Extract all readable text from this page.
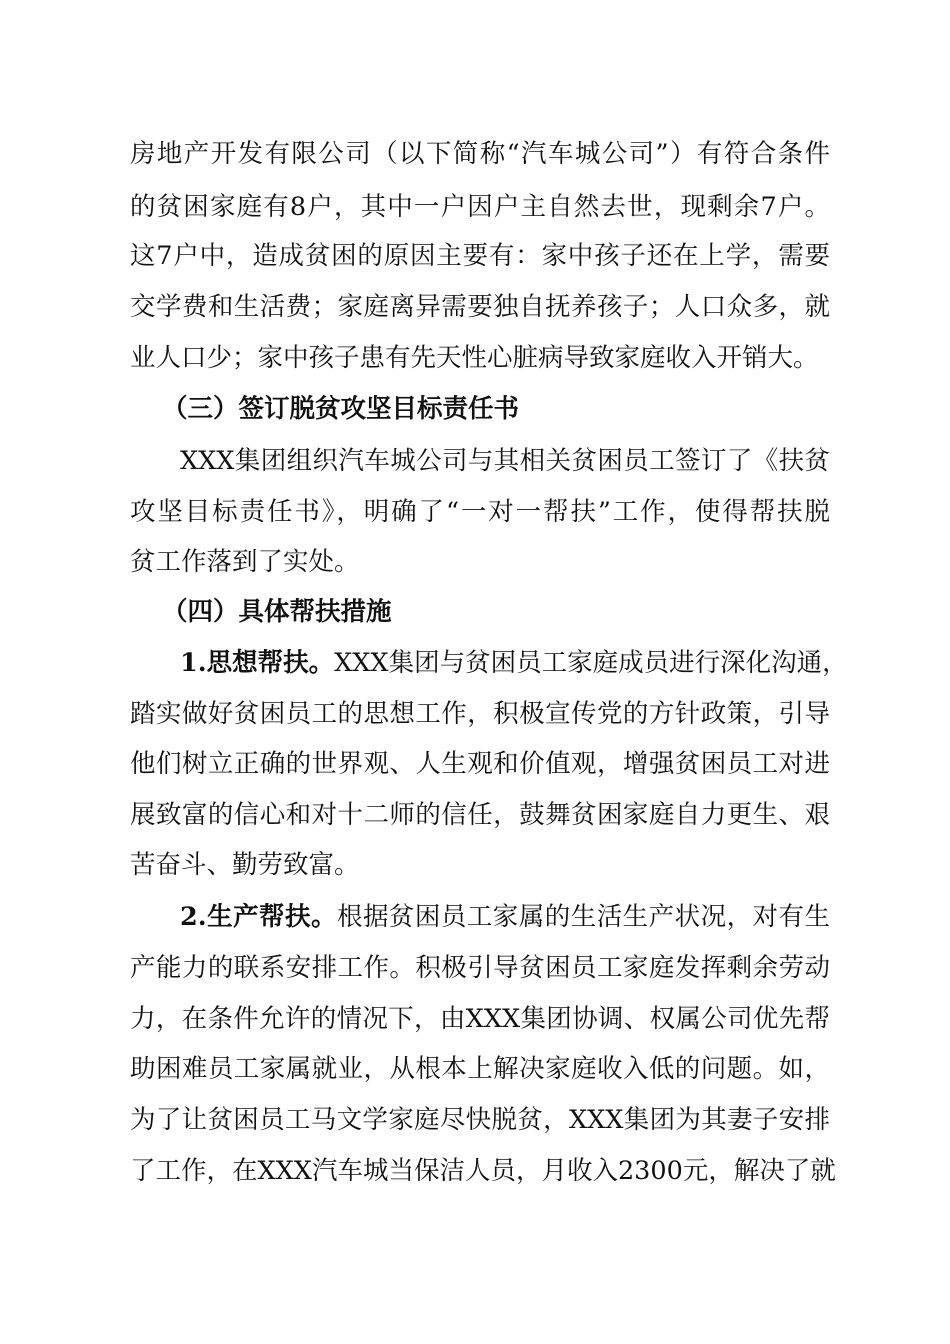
房地产开发有限公司（以下简称“汽车城公司”）有符合条件
的贫困家庭有8户，其中一户因户主自然去世，现剩余7户。
这7户中，造成贫困的原因主要有：家中孩子还在上学，需要
交学费和生活费；家庭离异需要独自抚养孩子；人口众多，就
业人口少；家中孩子患有先天性心脏病导致家庭收入开销大。
（三）签订脱贫攻坚目标责任书
XXX集团组织汽车城公司与其相关贫困员工签订了《扶贫
攻坚目标责任书》，明确了“一对一帮扶”工作，使得帮扶脱
贫工作落到了实处。
（四）具体帮扶措施
1.思想帮扶。XXX集团与贫困员工家庭成员进行深化沟通，
踏实做好贫困员工的思想工作，积极宣传党的方针政策，引导
他们树立正确的世界观、人生观和价值观，增强贫困员工对进
展致富的信心和对十二师的信任，鼓舞贫困家庭自力更生、艰
苦奋斗、勤劳致富。
2.生产帮扶。根据贫困员工家属的生活生产状况，对有生
产能力的联系安排工作。积极引导贫困员工家庭发挥剩余劳动
力，在条件允许的情况下，由XXX集团协调、权属公司优先帮
助困难员工家属就业，从根本上解决家庭收入低的问题。如，
为了让贫困员工马文学家庭尽快脱贫，XXX集团为其妻子安排
了工作，在XXX汽车城当保洁人员，月收入2300元，解决了就
